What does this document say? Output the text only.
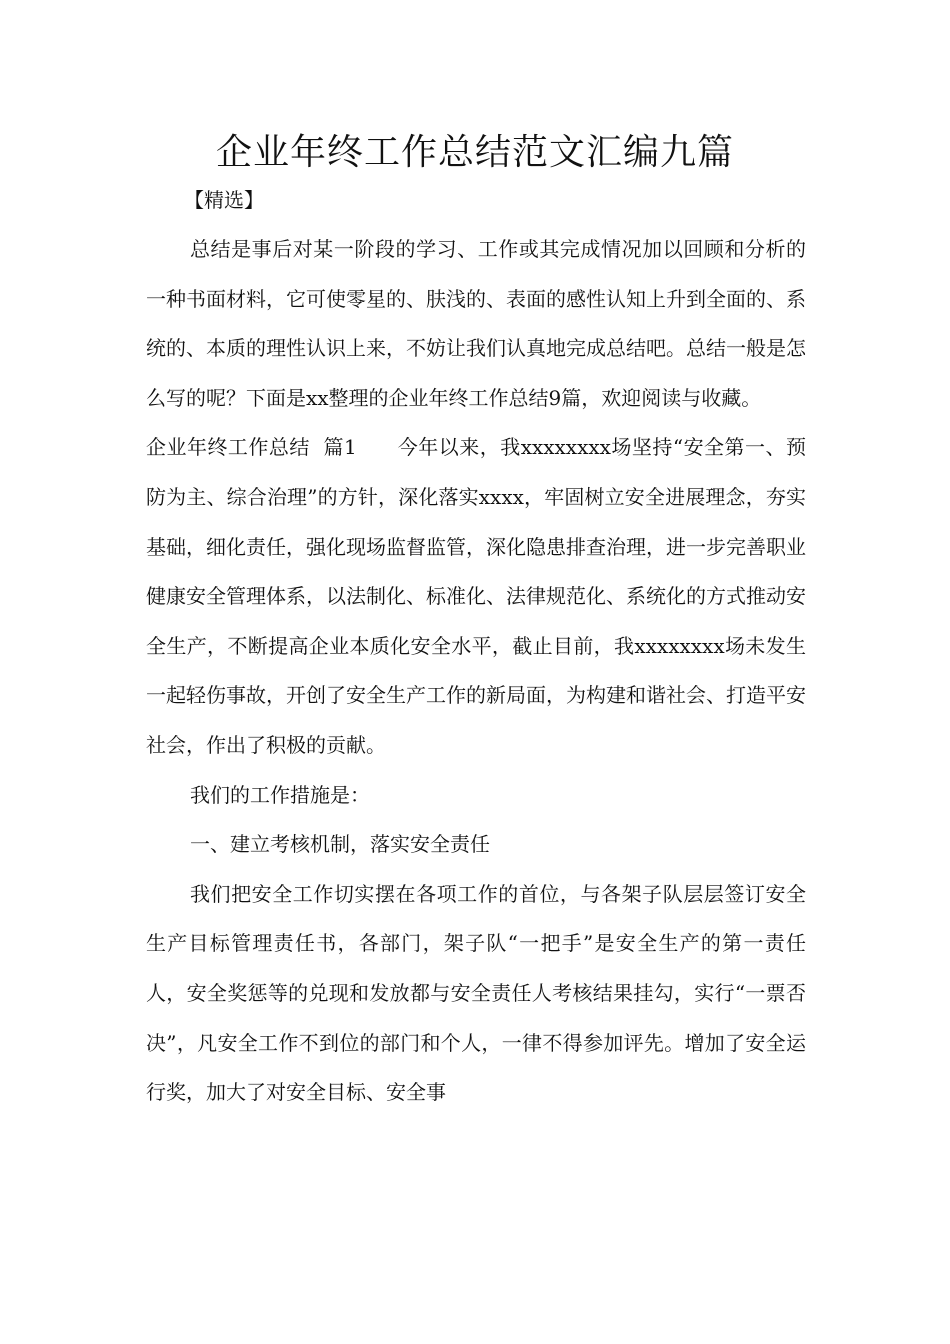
企业年终工作总结范文汇编九篇

【精选】

总结是事后对某一阶段的学习、工作或其完成情况加以回顾和分析的一种书面材料，它可使零星的、肤浅的、表面的感性认知上升到全面的、系统的、本质的理性认识上来，不妨让我们认真地完成总结吧。总结一般是怎么写的呢？下面是xx整理的企业年终工作总结9篇，欢迎阅读与收藏。

企业年终工作总结  篇1 今年以来，我xxxxxxxx场坚持“安全第一、预防为主、综合治理”的方针，深化落实xxxx，牢固树立安全进展理念，夯实基础，细化责任，强化现场监督监管，深化隐患排查治理，进一步完善职业健康安全管理体系，以法制化、标准化、法律规范化、系统化的方式推动安全生产，不断提高企业本质化安全水平，截止目前，我xxxxxxxx场未发生一起轻伤事故，开创了安全生产工作的新局面，为构建和谐社会、打造平安社会，作出了积极的贡献。

我们的工作措施是：

一、建立考核机制，落实安全责任

我们把安全工作切实摆在各项工作的首位，与各架子队层层签订安全生产目标管理责任书，各部门，架子队“一把手”是安全生产的第一责任人，安全奖惩等的兑现和发放都与安全责任人考核结果挂勾，实行“一票否决”，凡安全工作不到位的部门和个人，一律不得参加评先。增加了安全运行奖，加大了对安全目标、安全事
